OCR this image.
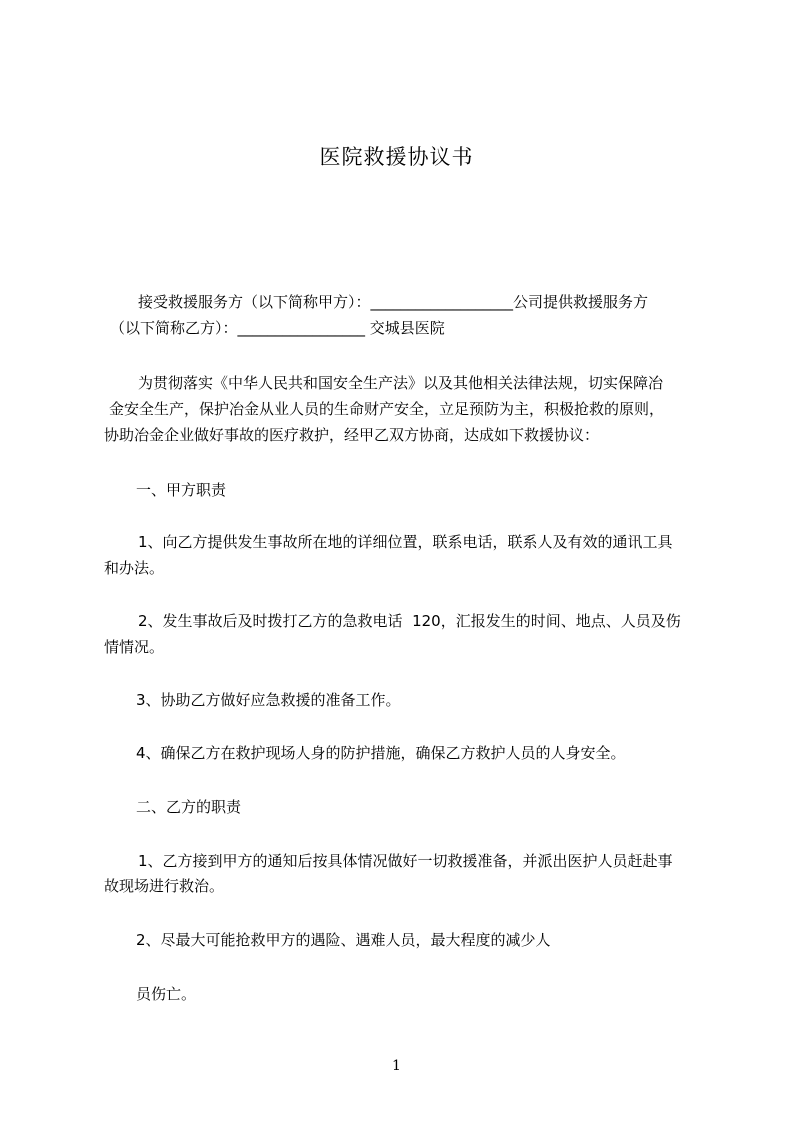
医院救援协议书
接受救援服务方（以下简称甲方）：___________________公司提供救援服务方
（以下简称乙方）：_________________ 交城县医院
为贯彻落实《中华人民共和国安全生产法》以及其他相关法律法规，切实保障冶
金安全生产，保护冶金从业人员的生命财产安全，立足预防为主，积极抢救的原则，
协助冶金企业做好事故的医疗救护，经甲乙双方协商，达成如下救援协议：
一、甲方职责
1、向乙方提供发生事故所在地的详细位置，联系电话，联系人及有效的通讯工具
和办法。
2、发生事故后及时拨打乙方的急救电话  120，汇报发生的时间、地点、人员及伤
情情况。
3、协助乙方做好应急救援的准备工作。
4、确保乙方在救护现场人身的防护措施，确保乙方救护人员的人身安全。
二、乙方的职责
1、乙方接到甲方的通知后按具体情况做好一切救援准备，并派出医护人员赶赴事
故现场进行救治。
2、尽最大可能抢救甲方的遇险、遇难人员，最大程度的减少人
员伤亡。
1
